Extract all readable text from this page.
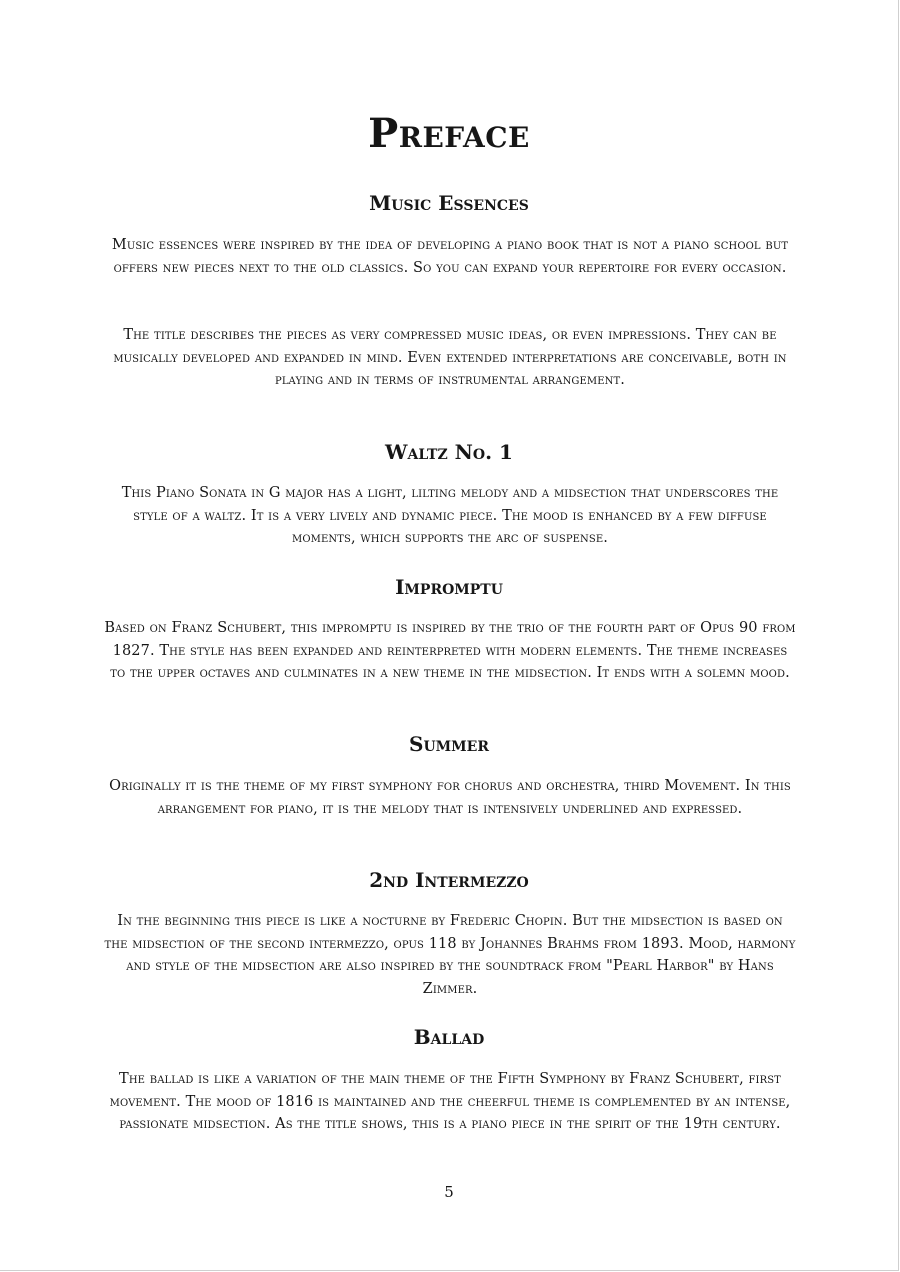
Preface
Music Essences

Music essences were inspired by the idea of developing a piano book that is not a piano school but offers new pieces next to the old classics. So you can expand your repertoire for every occasion.

The title describes the pieces as very compressed music ideas, or even impressions. They can be musically developed and expanded in mind. Even extended interpretations are conceivable, both in playing and in terms of instrumental arrangement.

Waltz No. 1

This Piano Sonata in G major has a light, lilting melody and a midsection that underscores the style of a waltz. It is a very lively and dynamic piece. The mood is enhanced by a few diffuse moments, which supports the arc of suspense.

Impromptu

Based on Franz Schubert, this impromptu is inspired by the trio of the fourth part of Opus 90 from 1827. The style has been expanded and reinterpreted with modern elements. The theme increases to the upper octaves and culminates in a new theme in the midsection. It ends with a solemn mood.

Summer

Originally it is the theme of my first symphony for chorus and orchestra, third Movement. In this arrangement for piano, it is the melody that is intensively underlined and expressed.

2nd Intermezzo

In the beginning this piece is like a nocturne by Frederic Chopin. But the midsection is based on the midsection of the second intermezzo, opus 118 by Johannes Brahms from 1893. Mood, harmony and style of the midsection are also inspired by the soundtrack from "Pearl Harbor" by Hans Zimmer.

Ballad

The ballad is like a variation of the main theme of the Fifth Symphony by Franz Schubert, first movement. The mood of 1816 is maintained and the cheerful theme is complemented by an intense, passionate midsection. As the title shows, this is a piano piece in the spirit of the 19th century.

5
